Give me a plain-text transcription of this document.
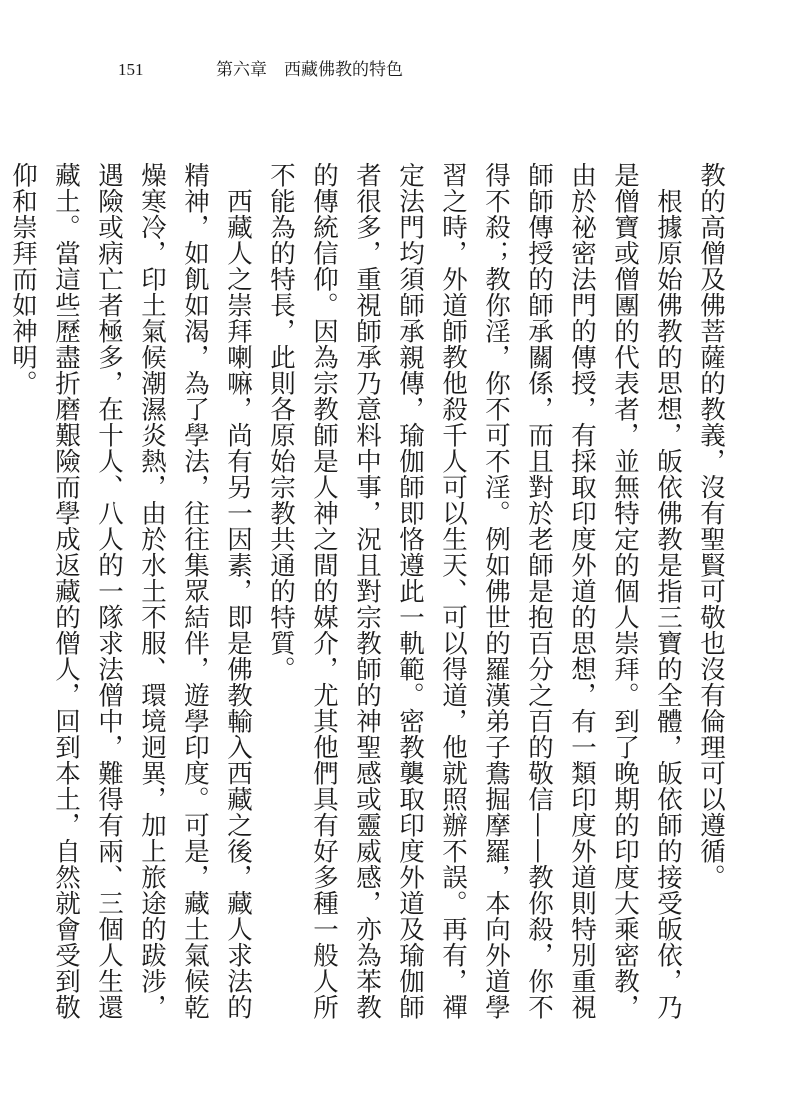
151	第六章　西藏佛教的特色

教的高僧及佛菩薩的教義，沒有聖賢可敬也沒有倫理可以遵循。

根據原始佛教的思想，皈依佛教是指三寶的全體，皈依師的接受皈依，乃是僧寶或僧團的代表者，並無特定的個人崇拜。到了晚期的印度大乘密教，由於祕密法門的傳授，有採取印度外道的思想，有一類印度外道則特別重視師師傳授的師承關係，而且對於老師是抱百分之百的敬信——教你殺，你不得不殺；教你淫，你不可不淫。例如佛世的羅漢弟子鴦掘摩羅，本向外道學習之時，外道師教他殺千人可以生天、可以得道，他就照辦不誤。再有，禪定法門均須師承親傳，瑜伽師即恪遵此一軌範。密教襲取印度外道及瑜伽師者很多，重視師承乃意料中事，況且對宗教師的神聖感或靈威感，亦為苯教的傳統信仰。因為宗教師是人神之間的媒介，尤其他們具有好多種一般人所不能為的特長，此則各原始宗教共通的特質。

西藏人之崇拜喇嘛，尚有另一因素，即是佛教輸入西藏之後，藏人求法的精神，如飢如渴，為了學法，往往集眾結伴，遊學印度。可是，藏土氣候乾燥寒冷，印土氣候潮濕炎熱，由於水土不服、環境迥異，加上旅途的跋涉，遇險或病亡者極多，在十人、八人的一隊求法僧中，難得有兩、三個人生還藏土。當這些歷盡折磨艱險而學成返藏的僧人，回到本土，自然就會受到敬仰和崇拜而如神明。
